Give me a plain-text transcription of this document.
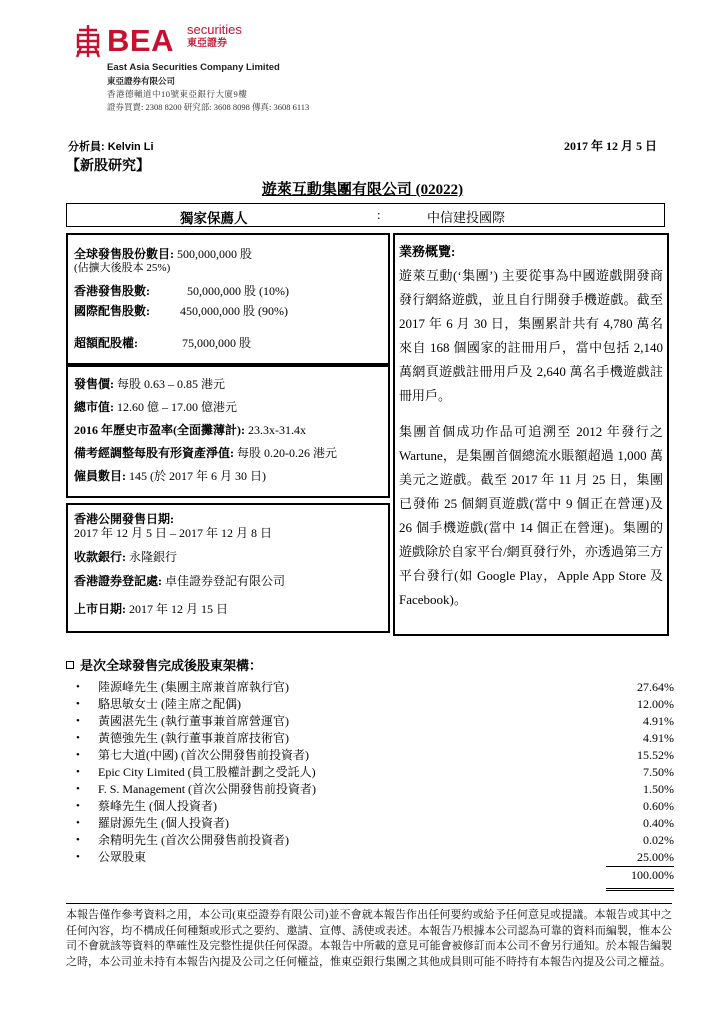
BEA securities
東亞證券
East Asia Securities Company Limited
東亞證券有限公司
香港德輔道中10號東亞銀行大廈9樓
證券買賣: 2308 8200 研究部: 3608 8098 傳真: 3608 6113
分析員: Kelvin Li	2017 年 12 月 5 日
【新股研究】
遊萊互動集團有限公司 (02022)
獨家保薦人	:	中信建投國際
全球發售股份數目: 500,000,000 股
(佔擴大後股本 25%)
香港發售股數:	50,000,000 股 (10%)
國際配售股數:	450,000,000 股 (90%)
超額配股權:	75,000,000 股
發售價: 每股 0.63 – 0.85 港元
總市值: 12.60 億 – 17.00 億港元
2016 年歷史市盈率(全面攤薄計): 23.3x-31.4x
備考經調整每股有形資產淨值: 每股 0.20-0.26 港元
僱員數目: 145 (於 2017 年 6 月 30 日)
香港公開發售日期:
2017 年 12 月 5 日 – 2017 年 12 月 8 日
收款銀行: 永隆銀行
香港證券登記處: 卓佳證券登記有限公司
上市日期: 2017 年 12 月 15 日
業務概覽:

遊萊互動(‘集團’) 主要從事為中國遊戲開發商發行網絡遊戲，並且自行開發手機遊戲。截至 2017 年 6 月 30 日，集團累計共有 4,780 萬名來自 168 個國家的註冊用戶，當中包括 2,140 萬網頁遊戲註冊用戶及 2,640 萬名手機遊戲註冊用戶。

集團首個成功作品可追溯至 2012 年發行之 Wartune，是集團首個總流水賬額超過 1,000 萬美元之遊戲。截至 2017 年 11 月 25 日，集團已發佈 25 個網頁遊戲(當中 9 個正在營運)及 26 個手機遊戲(當中 14 個正在營運)。集團的遊戲除於自家平台/網頁發行外，亦透過第三方平台發行(如 Google Play，Apple App Store 及 Facebook)。

是次全球發售完成後股東架構：
• 陸源峰先生 (集團主席兼首席執行官)	27.64%
• 駱思敏女士 (陸主席之配偶)	12.00%
• 黃國湛先生 (執行董事兼首席營運官)	4.91%
• 黃德強先生 (執行董事兼首席技術官)	4.91%
• 第七大道(中國) (首次公開發售前投資者)	15.52%
• Epic City Limited (員工股權計劃之受託人)	7.50%
• F. S. Management (首次公開發售前投資者)	1.50%
• 蔡峰先生 (個人投資者)	0.60%
• 羅尉源先生 (個人投資者)	0.40%
• 余精明先生 (首次公開發售前投資者)	0.02%
• 公眾股東	25.00%
100.00%
本報告僅作參考資料之用，本公司(東亞證券有限公司)並不會就本報告作出任何要約或給予任何意見或提議。本報告或其中之任何內容，均不構成任何種類或形式之要約、邀請、宣傳、誘使或表述。本報告乃根據本公司認為可靠的資料而編製，惟本公司不會就該等資料的準確性及完整性提供任何保證。本報告中所載的意見可能會被修訂而本公司不會另行通知。於本報告編製之時，本公司並未持有本報告內提及公司之任何權益，惟東亞銀行集團之其他成員則可能不時持有本報告內提及公司之權益。
